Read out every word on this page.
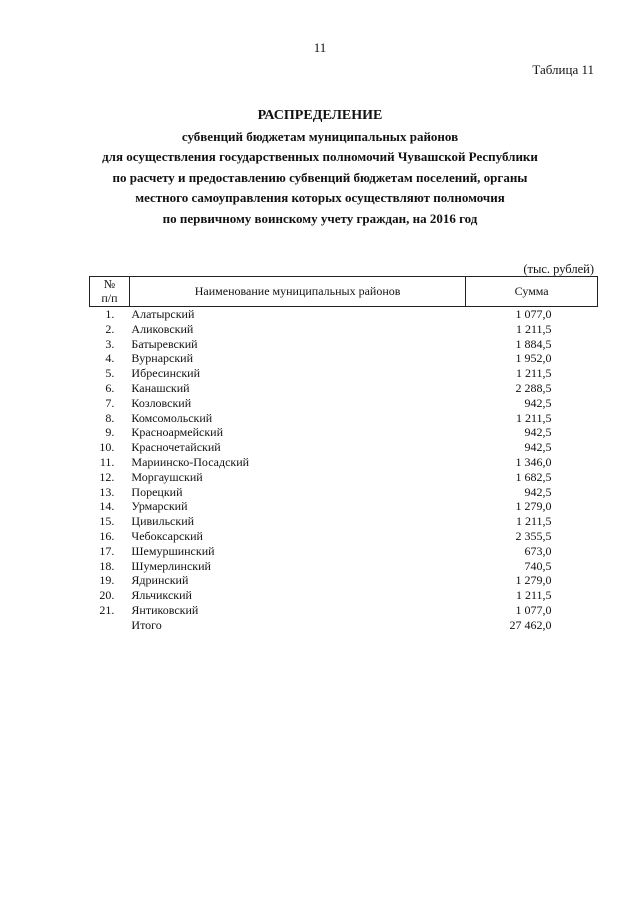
11
Таблица 11
РАСПРЕДЕЛЕНИЕ
субвенций бюджетам муниципальных районов
для осуществления государственных полномочий Чувашской Республики
по расчету и предоставлению субвенций бюджетам поселений, органы
местного самоуправления которых осуществляют полномочия
по первичному воинскому учету граждан, на 2016 год
(тыс. рублей)
№
п/п	Наименование муниципальных районов	Сумма
1.	Алатырский	1 077,0
2.	Аликовский	1 211,5
3.	Батыревский	1 884,5
4.	Вурнарский	1 952,0
5.	Ибресинский	1 211,5
6.	Канашский	2 288,5
7.	Козловский	942,5
8.	Комсомольский	1 211,5
9.	Красноармейский	942,5
10.	Красночетайский	942,5
11.	Мариинско-Посадский	1 346,0
12.	Моргаушский	1 682,5
13.	Порецкий	942,5
14.	Урмарский	1 279,0
15.	Цивильский	1 211,5
16.	Чебоксарский	2 355,5
17.	Шемуршинский	673,0
18.	Шумерлинский	740,5
19.	Ядринский	1 279,0
20.	Яльчикский	1 211,5
21.	Янтиковский	1 077,0
	Итого	27 462,0
